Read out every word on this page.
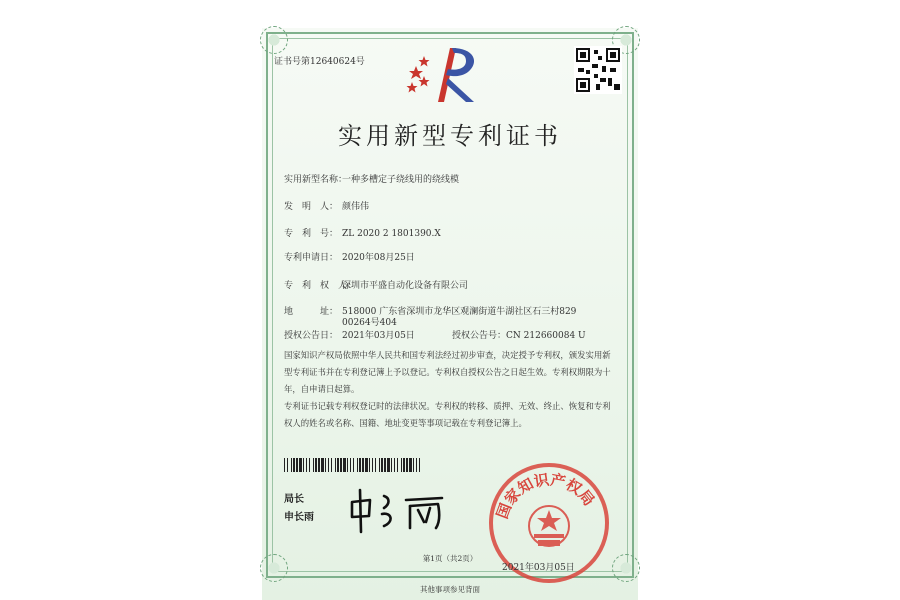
证书号第12640624号
实用新型专利证书
实用新型名称：一种多槽定子绕线用的绕线模
发　明　人： 颜伟伟
专　利　号： ZL 2020 2 1801390.X
专利申请日： 2020年08月25日
专　利　权　人：深圳市平盛自动化设备有限公司
地　　　址： 518000 广东省深圳市龙华区观澜街道牛湖社区石三村829
00264号404
授权公告日： 2021年03月05日	授权公告号：CN 212660084 U
国家知识产权局依照中华人民共和国专利法经过初步审查，决定授予专利权，颁发实用新型专利证书并在专利登记簿上予以登记。专利权自授权公告之日起生效。专利权期限为十年，自申请日起算。
专利证书记载专利权登记时的法律状况。专利权的转移、质押、无效、终止、恢复和专利权人的姓名或名称、国籍、地址变更等事项记载在专利登记簿上。
局长
申长雨	国家知识产权局
2021年03月05日
第1页（共2页）
其他事项参见背面
